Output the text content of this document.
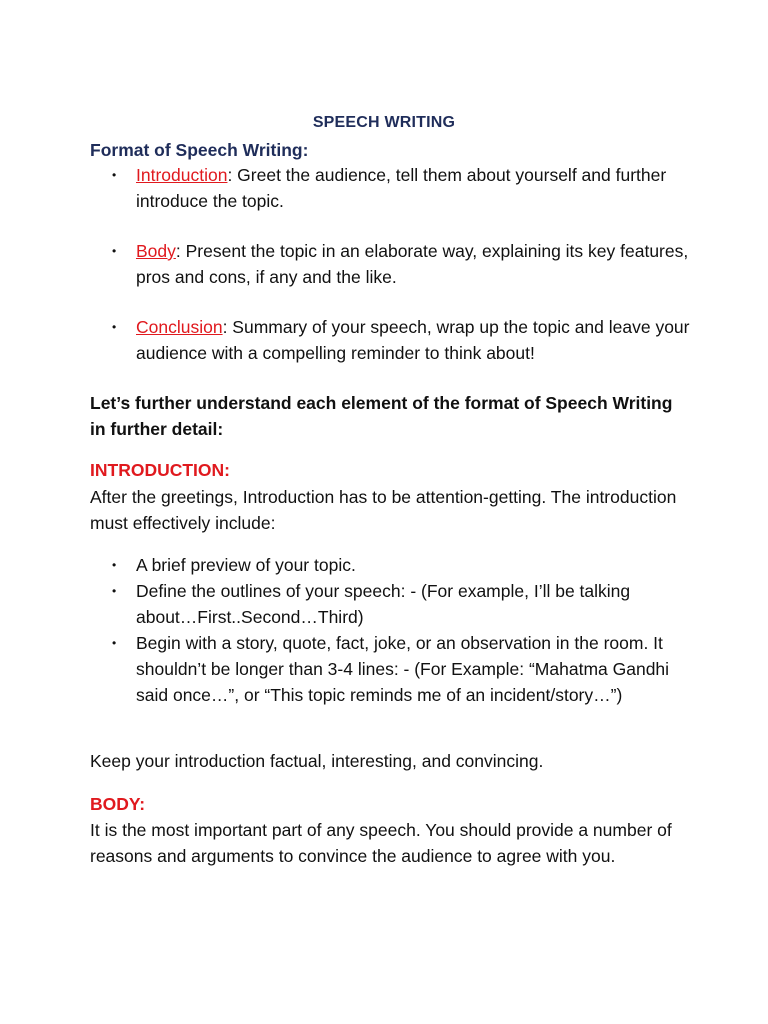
SPEECH WRITING
Format of Speech Writing:
• Introduction: Greet the audience, tell them about yourself and further introduce the topic.
• Body: Present the topic in an elaborate way, explaining its key features, pros and cons, if any and the like.
• Conclusion: Summary of your speech, wrap up the topic and leave your audience with a compelling reminder to think about!
Let’s further understand each element of the format of Speech Writing in further detail:
INTRODUCTION:
After the greetings, Introduction has to be attention-getting. The introduction must effectively include:
• A brief preview of your topic.
• Define the outlines of your speech: - (For example, I’ll be talking about…First..Second…Third)
• Begin with a story, quote, fact, joke, or an observation in the room. It shouldn’t be longer than 3-4 lines: - (For Example: “Mahatma Gandhi said once…”, or “This topic reminds me of an incident/story…”)
Keep your introduction factual, interesting, and convincing.
BODY:
It is the most important part of any speech. You should provide a number of reasons and arguments to convince the audience to agree with you.
